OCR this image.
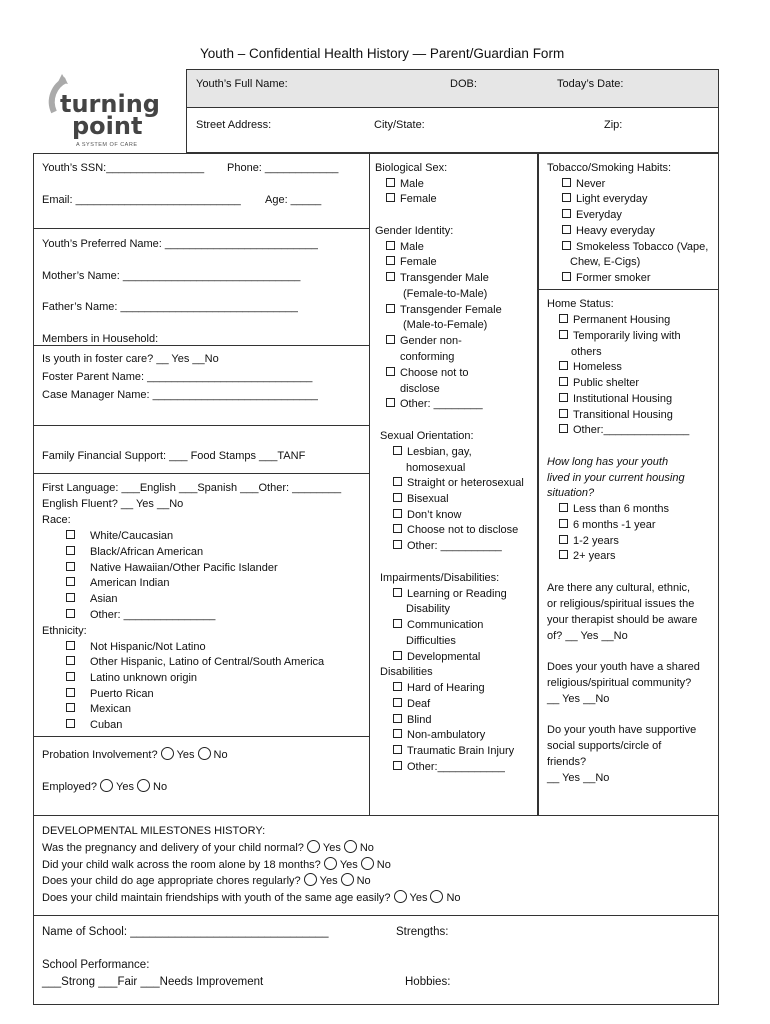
Youth – Confidential Health History — Parent/Guardian Form
turning
point
A SYSTEM OF CARE
Youth’s Full Name:	DOB:	Today’s Date:
Street Address:	City/State:	Zip:
Youth’s SSN:________________ Phone: ____________
Email: ___________________________ Age: _____
Youth’s Preferred Name: _________________________
Mother’s Name: _____________________________
Father’s Name: _____________________________
Members in Household:
Is youth in foster care? __ Yes __No
Foster Parent Name: ___________________________
Case Manager Name: ___________________________
Family Financial Support: ___ Food Stamps ___TANF
First Language: ___English ___Spanish ___Other: ________
English Fluent? __ Yes __No
Race:
White/Caucasian
Black/African American
Native Hawaiian/Other Pacific Islander
American Indian
Asian
Other: _______________
Ethnicity:
Not Hispanic/Not Latino
Other Hispanic, Latino of Central/South America
Latino unknown origin
Puerto Rican
Mexican
Cuban
Probation Involvement? Yes No
Employed? Yes No
Biological Sex:
Male
Female
Gender Identity:
Male
Female
Transgender Male
(Female-to-Male)
Transgender Female
(Male-to-Female)
Gender non-
conforming
Choose not to
disclose
Other: ________
Sexual Orientation:
Lesbian, gay,
homosexual
Straight or heterosexual
Bisexual
Don’t know
Choose not to disclose
Other: __________
Impairments/Disabilities:
Learning or Reading
Disability
Communication
Difficulties
Developmental
Disabilities
Hard of Hearing
Deaf
Blind
Non-ambulatory
Traumatic Brain Injury
Other:___________
Tobacco/Smoking Habits:
Never
Light everyday
Everyday
Heavy everyday
Smokeless Tobacco (Vape,
Chew, E-Cigs)
Former smoker
Home Status:
Permanent Housing
Temporarily living with
others
Homeless
Public shelter
Institutional Housing
Transitional Housing
Other:______________
How long has your youth
lived in your current housing
situation?
Less than 6 months
6 months -1 year
1-2 years
2+ years
Are there any cultural, ethnic,
or religious/spiritual issues the
your therapist should be aware
of? __ Yes __No
Does your youth have a shared
religious/spiritual community?
__ Yes __No
Do your youth have supportive
social supports/circle of
friends?
__ Yes __No
DEVELOPMENTAL MILESTONES HISTORY:
Was the pregnancy and delivery of your child normal? Yes No
Did your child walk across the room alone by 18 months? Yes No
Does your child do age appropriate chores regularly? Yes No
Does your child maintain friendships with youth of the same age easily? Yes No
Name of School: _______________________________	Strengths:
School Performance:
___Strong ___Fair ___Needs Improvement	Hobbies:
